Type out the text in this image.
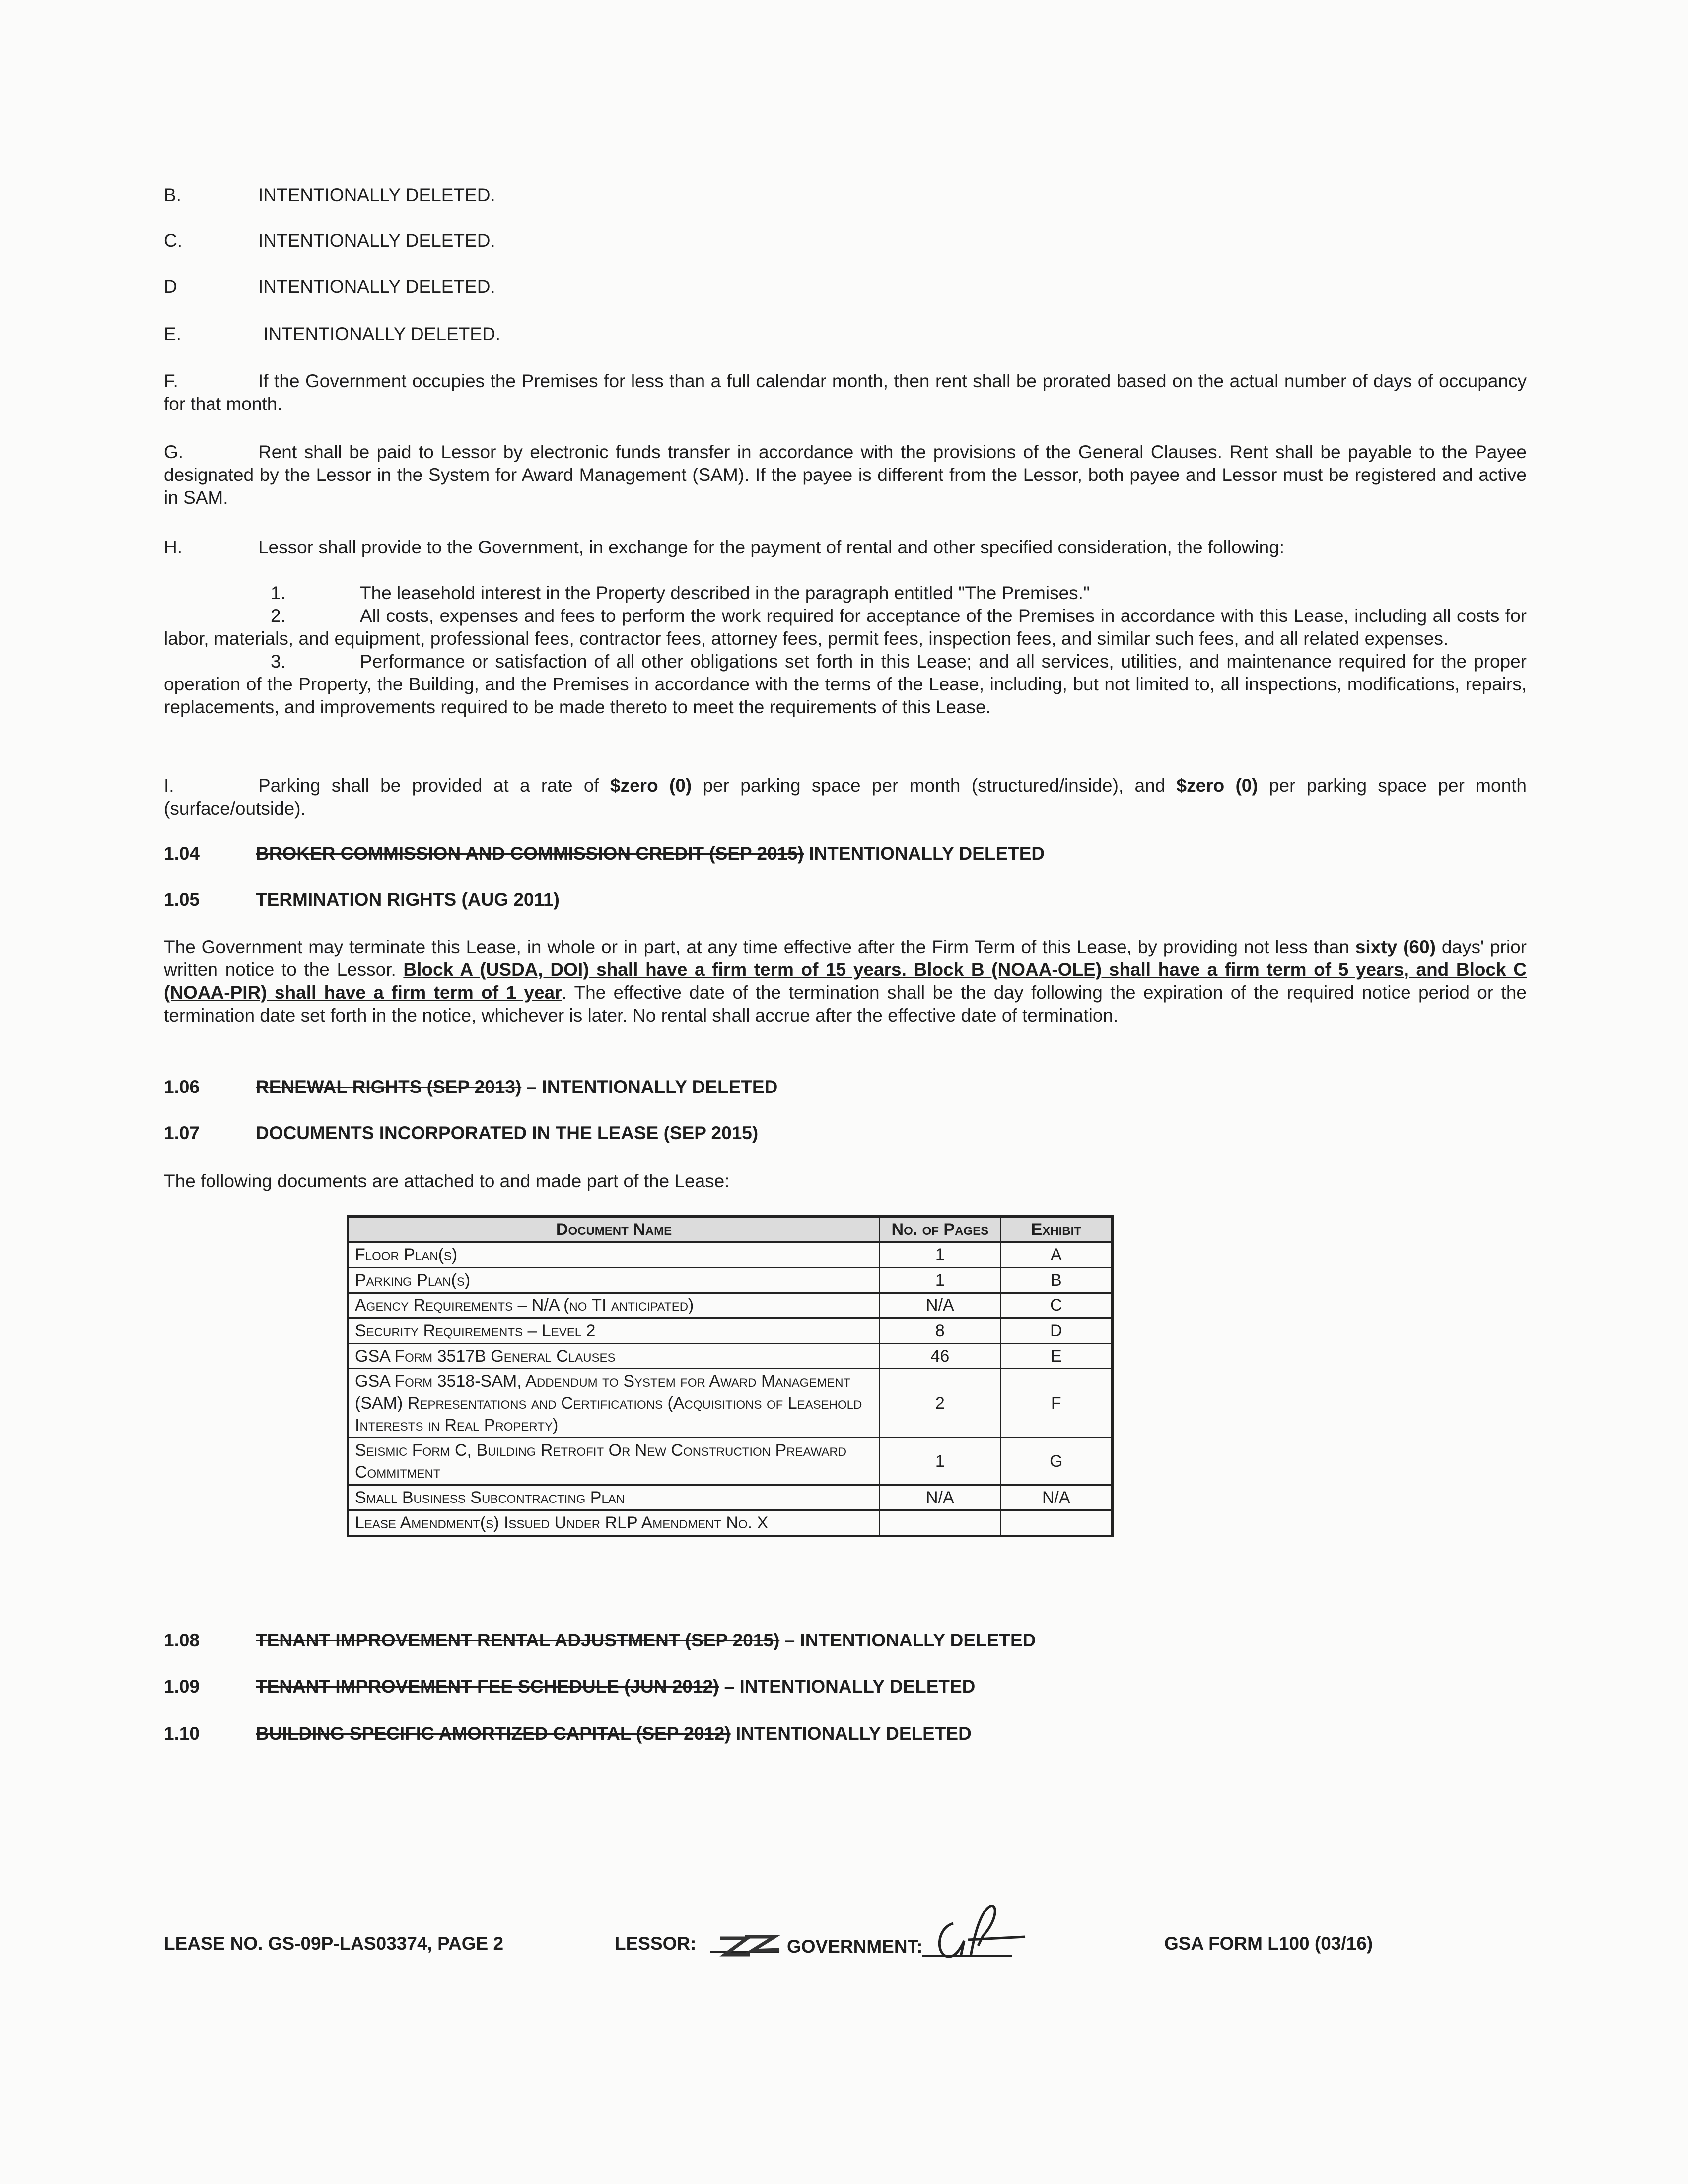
B.	INTENTIONALLY DELETED.
C.	INTENTIONALLY DELETED.
D	INTENTIONALLY DELETED.
E.	INTENTIONALLY DELETED.

F.	If the Government occupies the Premises for less than a full calendar month, then rent shall be prorated based on the actual number of days of occupancy for that month.

G.	Rent shall be paid to Lessor by electronic funds transfer in accordance with the provisions of the General Clauses. Rent shall be payable to the Payee designated by the Lessor in the System for Award Management (SAM). If the payee is different from the Lessor, both payee and Lessor must be registered and active in SAM.

H.	Lessor shall provide to the Government, in exchange for the payment of rental and other specified consideration, the following:

1.	The leasehold interest in the Property described in the paragraph entitled "The Premises."

2.	All costs, expenses and fees to perform the work required for acceptance of the Premises in accordance with this Lease, including all costs for labor, materials, and equipment, professional fees, contractor fees, attorney fees, permit fees, inspection fees, and similar such fees, and all related expenses.

3.	Performance or satisfaction of all other obligations set forth in this Lease; and all services, utilities, and maintenance required for the proper operation of the Property, the Building, and the Premises in accordance with the terms of the Lease, including, but not limited to, all inspections, modifications, repairs, replacements, and improvements required to be made thereto to meet the requirements of this Lease.

I.	Parking shall be provided at a rate of $zero (0) per parking space per month (structured/inside), and $zero (0) per parking space per month (surface/outside).

1.04	BROKER COMMISSION AND COMMISSION CREDIT (SEP 2015) INTENTIONALLY DELETED
1.05	TERMINATION RIGHTS (AUG 2011)

The Government may terminate this Lease, in whole or in part, at any time effective after the Firm Term of this Lease, by providing not less than sixty (60) days' prior written notice to the Lessor. Block A (USDA, DOI) shall have a firm term of 15 years. Block B (NOAA-OLE) shall have a firm term of 5 years, and Block C (NOAA-PIR) shall have a firm term of 1 year. The effective date of the termination shall be the day following the expiration of the required notice period or the termination date set forth in the notice, whichever is later. No rental shall accrue after the effective date of termination.

1.06	RENEWAL RIGHTS (SEP 2013) – INTENTIONALLY DELETED
1.07	DOCUMENTS INCORPORATED IN THE LEASE (SEP 2015)
The following documents are attached to and made part of the Lease:
Document Name	No. of Pages	Exhibit
Floor Plan(s)	1	A
Parking Plan(s)	1	B
Agency Requirements – N/A (no TI anticipated)	N/A	C
Security Requirements – Level 2	8	D
GSA Form 3517B General Clauses	46	E
GSA Form 3518-SAM, Addendum to System for Award Management (SAM) Representations and Certifications (Acquisitions of Leasehold Interests in Real Property)	2	F
Seismic Form C, Building Retrofit Or New Construction Preaward Commitment	1	G
Small Business Subcontracting Plan	N/A	N/A
Lease Amendment(s) Issued Under RLP Amendment No. X		
1.08	TENANT IMPROVEMENT RENTAL ADJUSTMENT (SEP 2015) – INTENTIONALLY DELETED
1.09	TENANT IMPROVEMENT FEE SCHEDULE (JUN 2012) – INTENTIONALLY DELETED
1.10	BUILDING SPECIFIC AMORTIZED CAPITAL (SEP 2012) INTENTIONALLY DELETED
LEASE NO. GS-09P-LAS03374, PAGE 2	LESSOR:	GOVERNMENT:	GSA FORM L100 (03/16)
